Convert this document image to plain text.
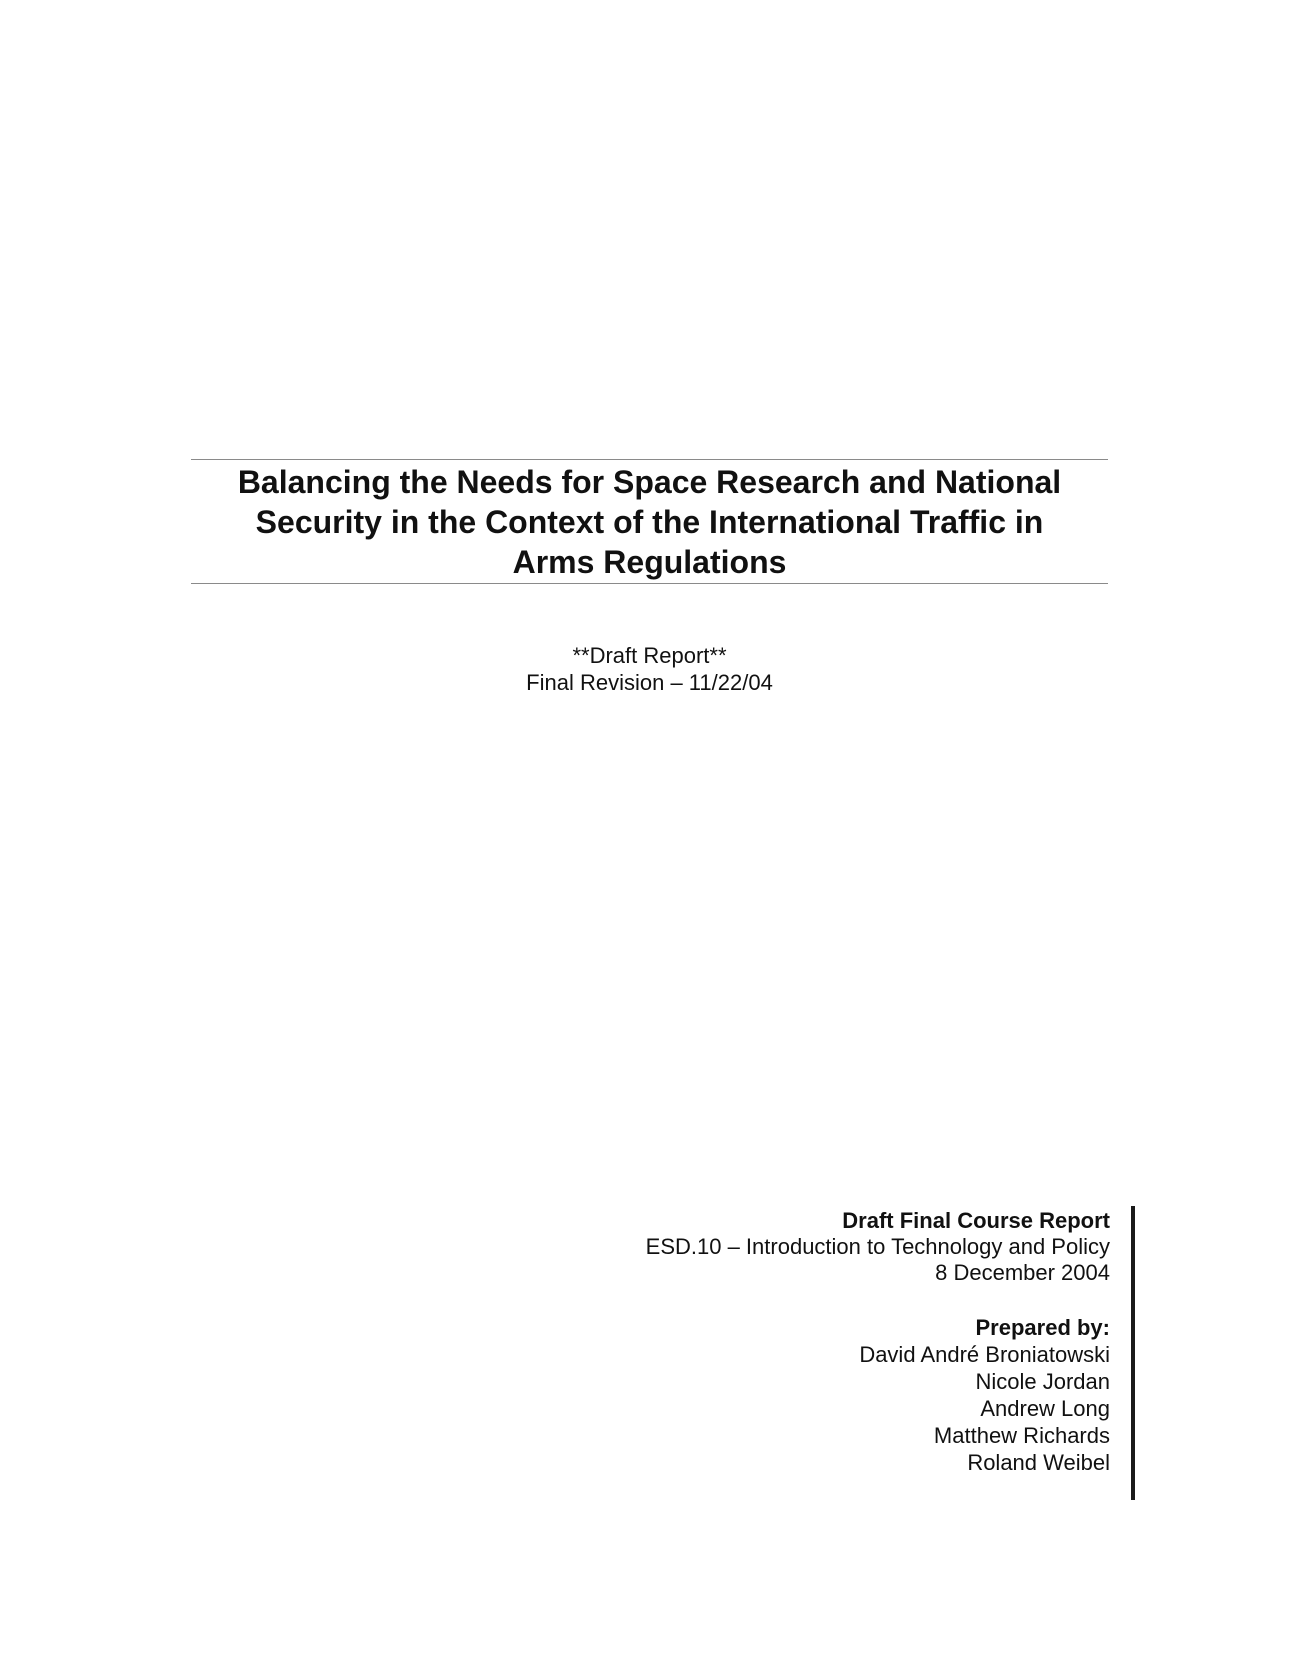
Balancing the Needs for Space Research and National
Security in the Context of the International Traffic in
Arms Regulations
**Draft Report**
Final Revision – 11/22/04
Draft Final Course Report
ESD.10 – Introduction to Technology and Policy
8 December 2004
Prepared by:
David André Broniatowski
Nicole Jordan
Andrew Long
Matthew Richards
Roland Weibel
